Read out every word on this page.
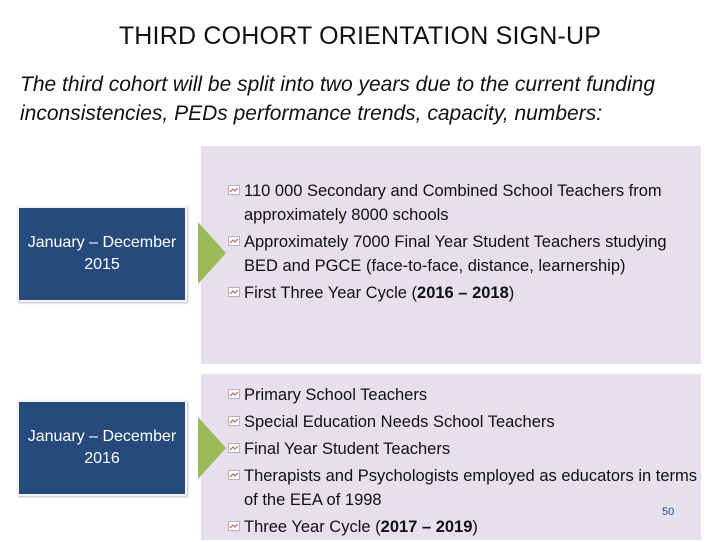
THIRD COHORT ORIENTATION SIGN-UP
The third cohort will be split into two years due to the current funding inconsistencies, PEDs performance trends, capacity, numbers:
January – December 2015
January – December 2016
110 000 Secondary and Combined School Teachers from approximately 8000 schools
Approximately 7000 Final Year Student Teachers studying BED and PGCE (face-to-face, distance, learnership)
First Three Year Cycle (2016 – 2018)
Primary School Teachers
Special Education Needs School Teachers
Final Year Student Teachers
Therapists and Psychologists employed as educators in terms of the EEA of 1998
Three Year Cycle (2017 – 2019)
50
